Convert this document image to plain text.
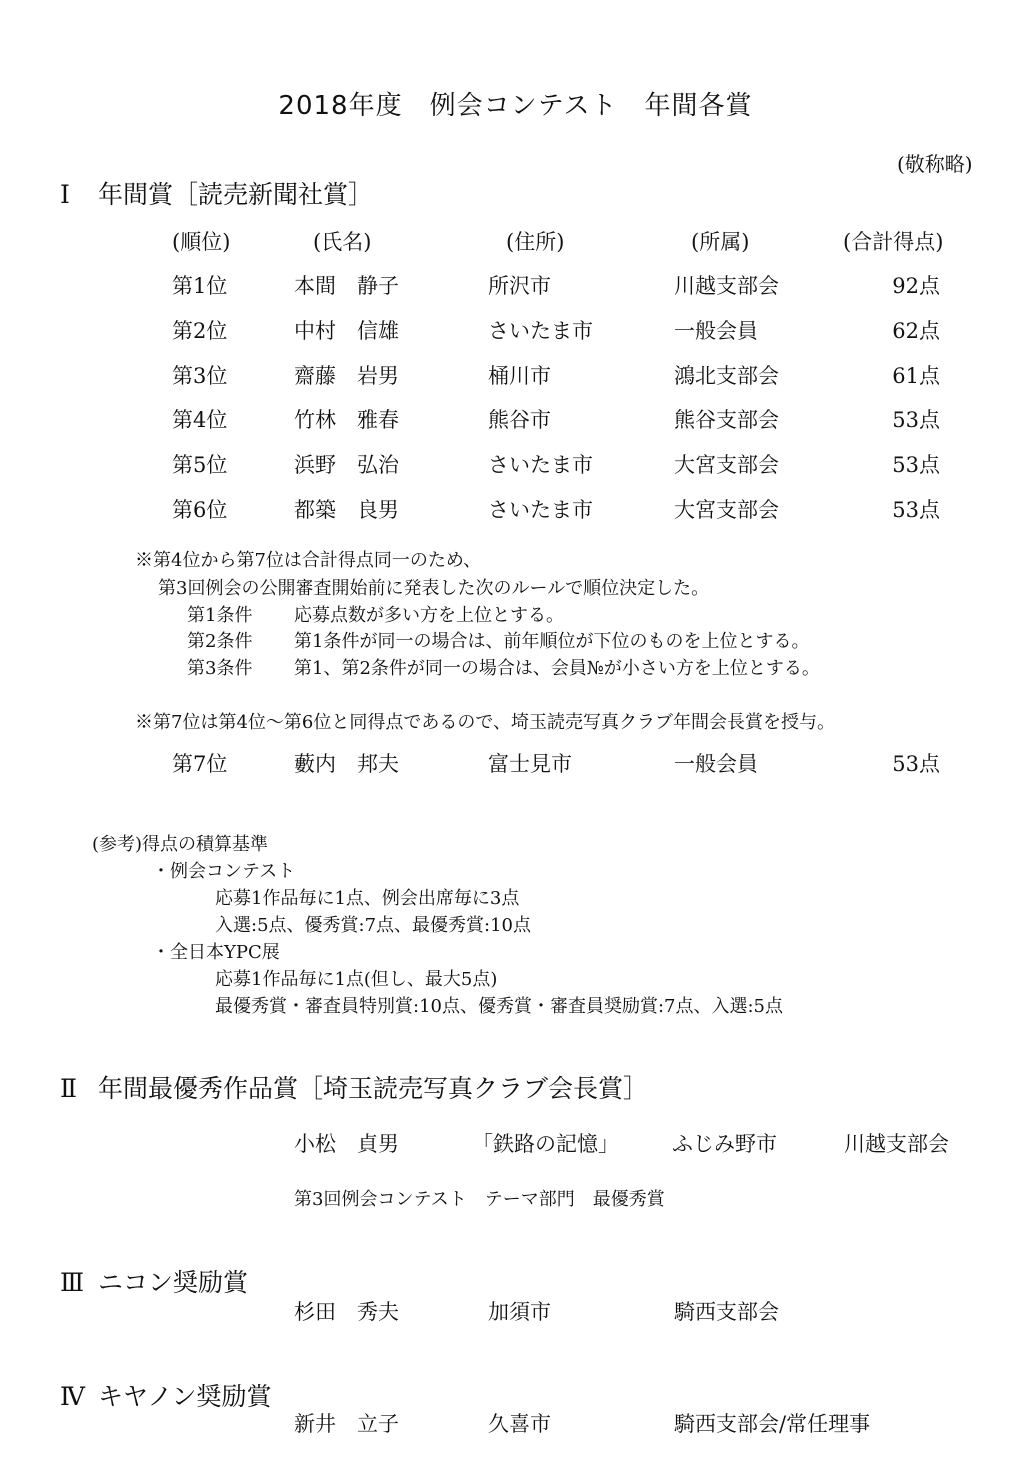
2018年度　例会コンテスト　年間各賞
(敬称略)
Ⅰ 年間賞［読売新聞社賞］
(順位)	(氏名)	(住所)	(所属)	(合計得点)
第1位	本間　静子	所沢市	川越支部会	92点
第2位	中村　信雄	さいたま市	一般会員	62点
第3位	齋藤　岩男	桶川市	鴻北支部会	61点
第4位	竹林　雅春	熊谷市	熊谷支部会	53点
第5位	浜野　弘治	さいたま市	大宮支部会	53点
第6位	都築　良男	さいたま市	大宮支部会	53点
※第4位から第7位は合計得点同一のため、
第3回例会の公開審査開始前に発表した次のルールで順位決定した。
第1条件 応募点数が多い方を上位とする。
第2条件 第1条件が同一の場合は、前年順位が下位のものを上位とする。
第3条件 第1、第2条件が同一の場合は、会員№が小さい方を上位とする。
※第7位は第4位～第6位と同得点であるので、埼玉読売写真クラブ年間会長賞を授与。
第7位	藪内　邦夫	富士見市	一般会員	53点
(参考)得点の積算基準
・例会コンテスト
応募1作品毎に1点、例会出席毎に3点
入選:5点、優秀賞:7点、最優秀賞:10点
・全日本YPC展
応募1作品毎に1点(但し、最大5点)
最優秀賞・審査員特別賞:10点、優秀賞・審査員奨励賞:7点、入選:5点
Ⅱ 年間最優秀作品賞［埼玉読売写真クラブ会長賞］
小松　貞男	「鉄路の記憶」	ふじみ野市	川越支部会
第3回例会コンテスト　テーマ部門　最優秀賞
Ⅲ ニコン奨励賞
杉田　秀夫	加須市	騎西支部会
Ⅳ キヤノン奨励賞
新井　立子	久喜市	騎西支部会/常任理事
